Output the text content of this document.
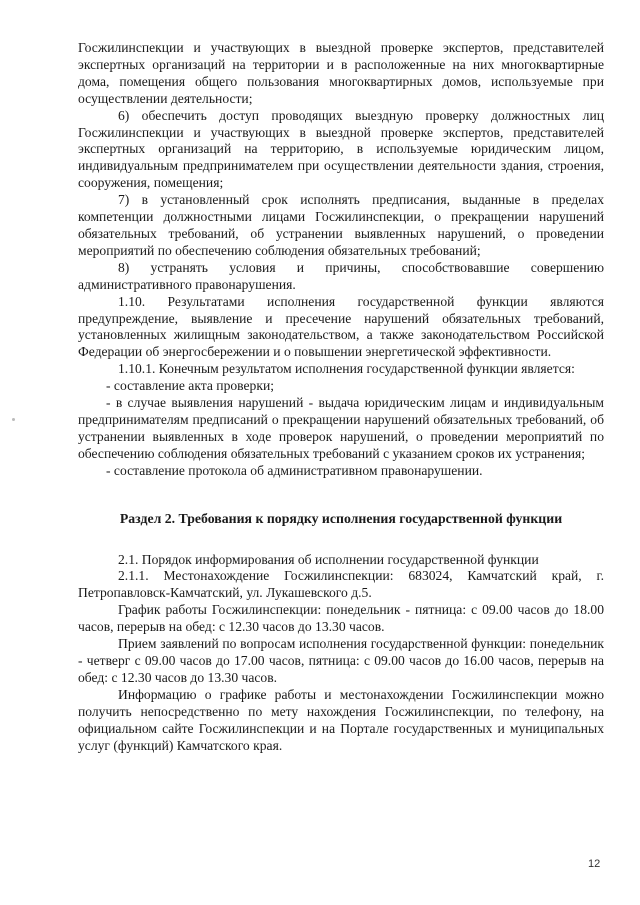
Госжилинспекции и участвующих в выездной проверке экспертов, представителей экспертных организаций на территории и в расположенные на них многоквартирные дома, помещения общего пользования многоквартирных домов, используемые при осуществлении деятельности;

6) обеспечить доступ проводящих выездную проверку должностных лиц Госжилинспекции и участвующих в выездной проверке экспертов, представителей экспертных организаций на территорию, в используемые юридическим лицом, индивидуальным предпринимателем при осуществлении деятельности здания, строения, сооружения, помещения;

7) в установленный срок исполнять предписания, выданные в пределах компетенции должностными лицами Госжилинспекции, о прекращении нарушений обязательных требований, об устранении выявленных нарушений, о проведении мероприятий по обеспечению соблюдения обязательных требований;

8) устранять условия и причины, способствовавшие совершению административного правонарушения.

1.10. Результатами исполнения государственной функции являются предупреждение, выявление и пресечение нарушений обязательных требований, установленных жилищным законодательством, а также законодательством Российской Федерации об энергосбережении и о повышении энергетической эффективности.

1.10.1. Конечным результатом исполнения государственной функции является:

- составление акта проверки;

- в случае выявления нарушений - выдача юридическим лицам и индивидуальным предпринимателям предписаний о прекращении нарушений обязательных требований, об устранении выявленных в ходе проверок нарушений, о проведении мероприятий по обеспечению соблюдения обязательных требований с указанием сроков их устранения;

- составление протокола об административном правонарушении.

Раздел 2. Требования к порядку исполнения государственной функции

2.1. Порядок информирования об исполнении государственной функции

2.1.1. Местонахождение Госжилинспекции: 683024, Камчатский край, г. Петропавловск-Камчатский, ул. Лукашевского д.5.

График работы Госжилинспекции: понедельник - пятница: с 09.00 часов до 18.00 часов, перерыв на обед: с 12.30 часов до 13.30 часов.

Прием заявлений по вопросам исполнения государственной функции: понедельник - четверг с 09.00 часов до 17.00 часов, пятница: с 09.00 часов до 16.00 часов, перерыв на обед: с 12.30 часов до 13.30 часов.

Информацию о графике работы и местонахождении Госжилинспекции можно получить непосредственно по мету нахождения Госжилинспекции, по телефону, на официальном сайте Госжилинспекции и на Портале государственных и муниципальных услуг (функций) Камчатского края.

12
